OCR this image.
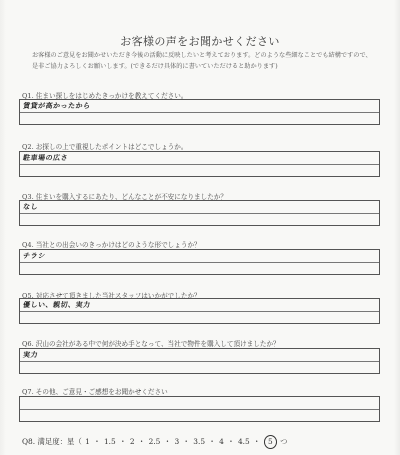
お客様の声をお聞かせください
お客様のご意見をお聞かせいただき今後の活動に反映したいと考えております。どのような些細なことでも結構ですので、是非ご協力よろしくお願いします。(できるだけ具体的に書いていただけると助かります)
Q1. 住まい探しをはじめたきっかけを教えてください。
賃貸が高かったから
Q2. お探しの上で重視したポイントはどこでしょうか。
駐車場の広さ
Q3. 住まいを購入するにあたり、どんなことが不安になりましたか？
なし
Q4. 当社との出会いのきっかけはどのような形でしょうか？
チラシ
Q5. 対応させて頂きました当社スタッフはいかがでしたか？
優しい、親切、実力
Q6. 沢山の会社がある中で何が決め手となって、当社で物件を購入して頂けましたか？
実力
Q7. その他、ご意見・ご感想をお聞かせください
Q8. 満足度：星（ 1 ・ 1.5 ・ 2 ・ 2.5 ・ 3 ・ 3.5 ・ 4 ・ 4.5 ・ 5 つ
